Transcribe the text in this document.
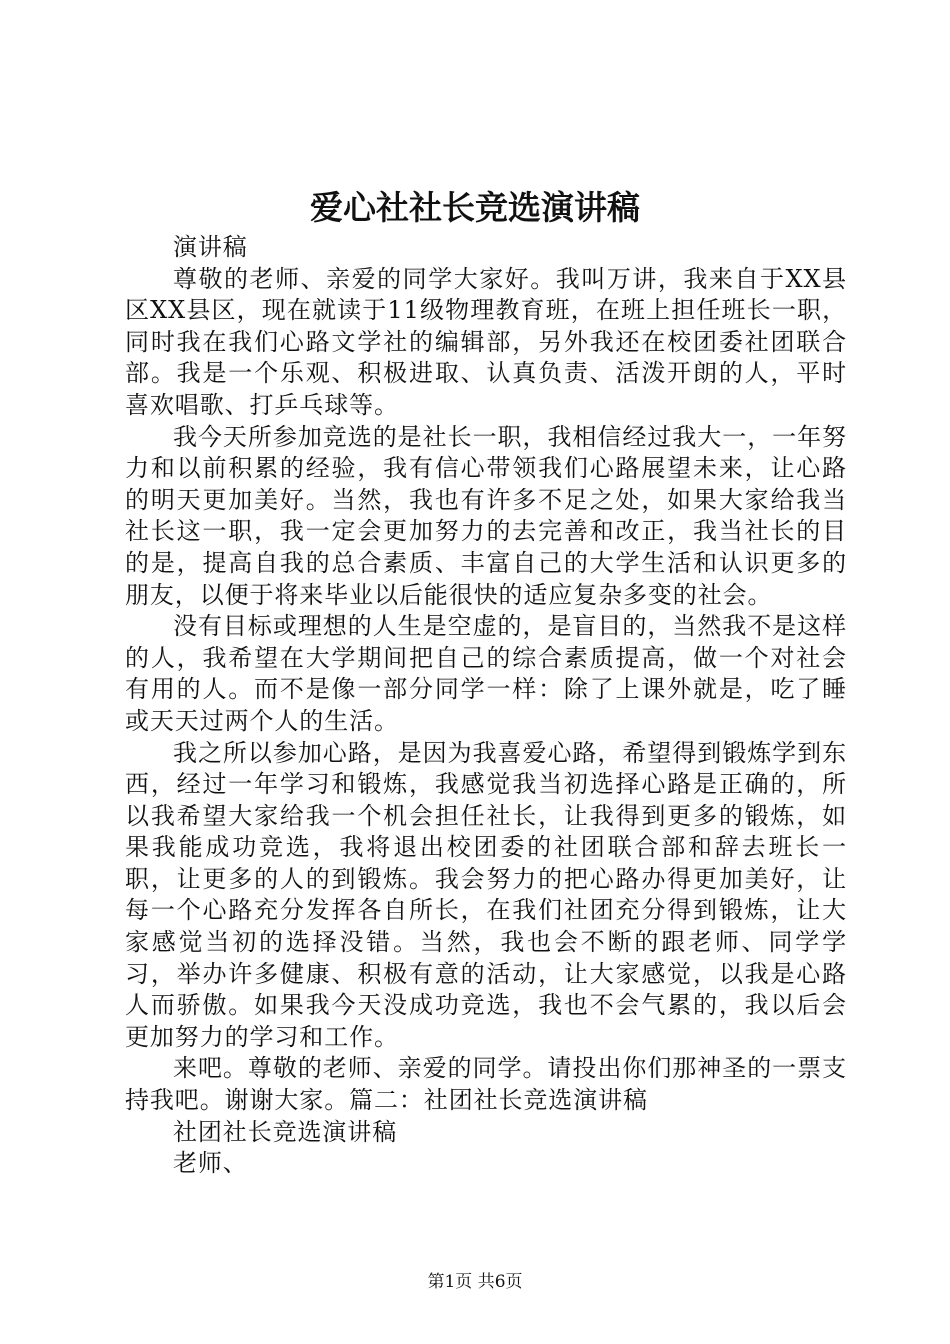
爱心社社长竞选演讲稿

演讲稿

尊敬的老师、亲爱的同学大家好。我叫万讲，我来自于XX县区XX县区，现在就读于11级物理教育班，在班上担任班长一职，同时我在我们心路文学社的编辑部，另外我还在校团委社团联合部。我是一个乐观、积极进取、认真负责、活泼开朗的人，平时喜欢唱歌、打乒乓球等。

我今天所参加竞选的是社长一职，我相信经过我大一，一年努力和以前积累的经验，我有信心带领我们心路展望未来，让心路的明天更加美好。当然，我也有许多不足之处，如果大家给我当社长这一职，我一定会更加努力的去完善和改正，我当社长的目的是，提高自我的总合素质、丰富自己的大学生活和认识更多的朋友，以便于将来毕业以后能很快的适应复杂多变的社会。

没有目标或理想的人生是空虚的，是盲目的，当然我不是这样的人，我希望在大学期间把自己的综合素质提高，做一个对社会有用的人。而不是像一部分同学一样：除了上课外就是，吃了睡或天天过两个人的生活。

我之所以参加心路，是因为我喜爱心路，希望得到锻炼学到东西，经过一年学习和锻炼，我感觉我当初选择心路是正确的，所以我希望大家给我一个机会担任社长，让我得到更多的锻炼，如果我能成功竞选，我将退出校团委的社团联合部和辞去班长一职，让更多的人的到锻炼。我会努力的把心路办得更加美好，让每一个心路充分发挥各自所长，在我们社团充分得到锻炼，让大家感觉当初的选择没错。当然，我也会不断的跟老师、同学学习，举办许多健康、积极有意的活动，让大家感觉，以我是心路人而骄傲。如果我今天没成功竞选，我也不会气累的，我以后会更加努力的学习和工作。

来吧。尊敬的老师、亲爱的同学。请投出你们那神圣的一票支持我吧。谢谢大家。篇二：社团社长竞选演讲稿

社团社长竞选演讲稿

老师、

第1页 共6页
